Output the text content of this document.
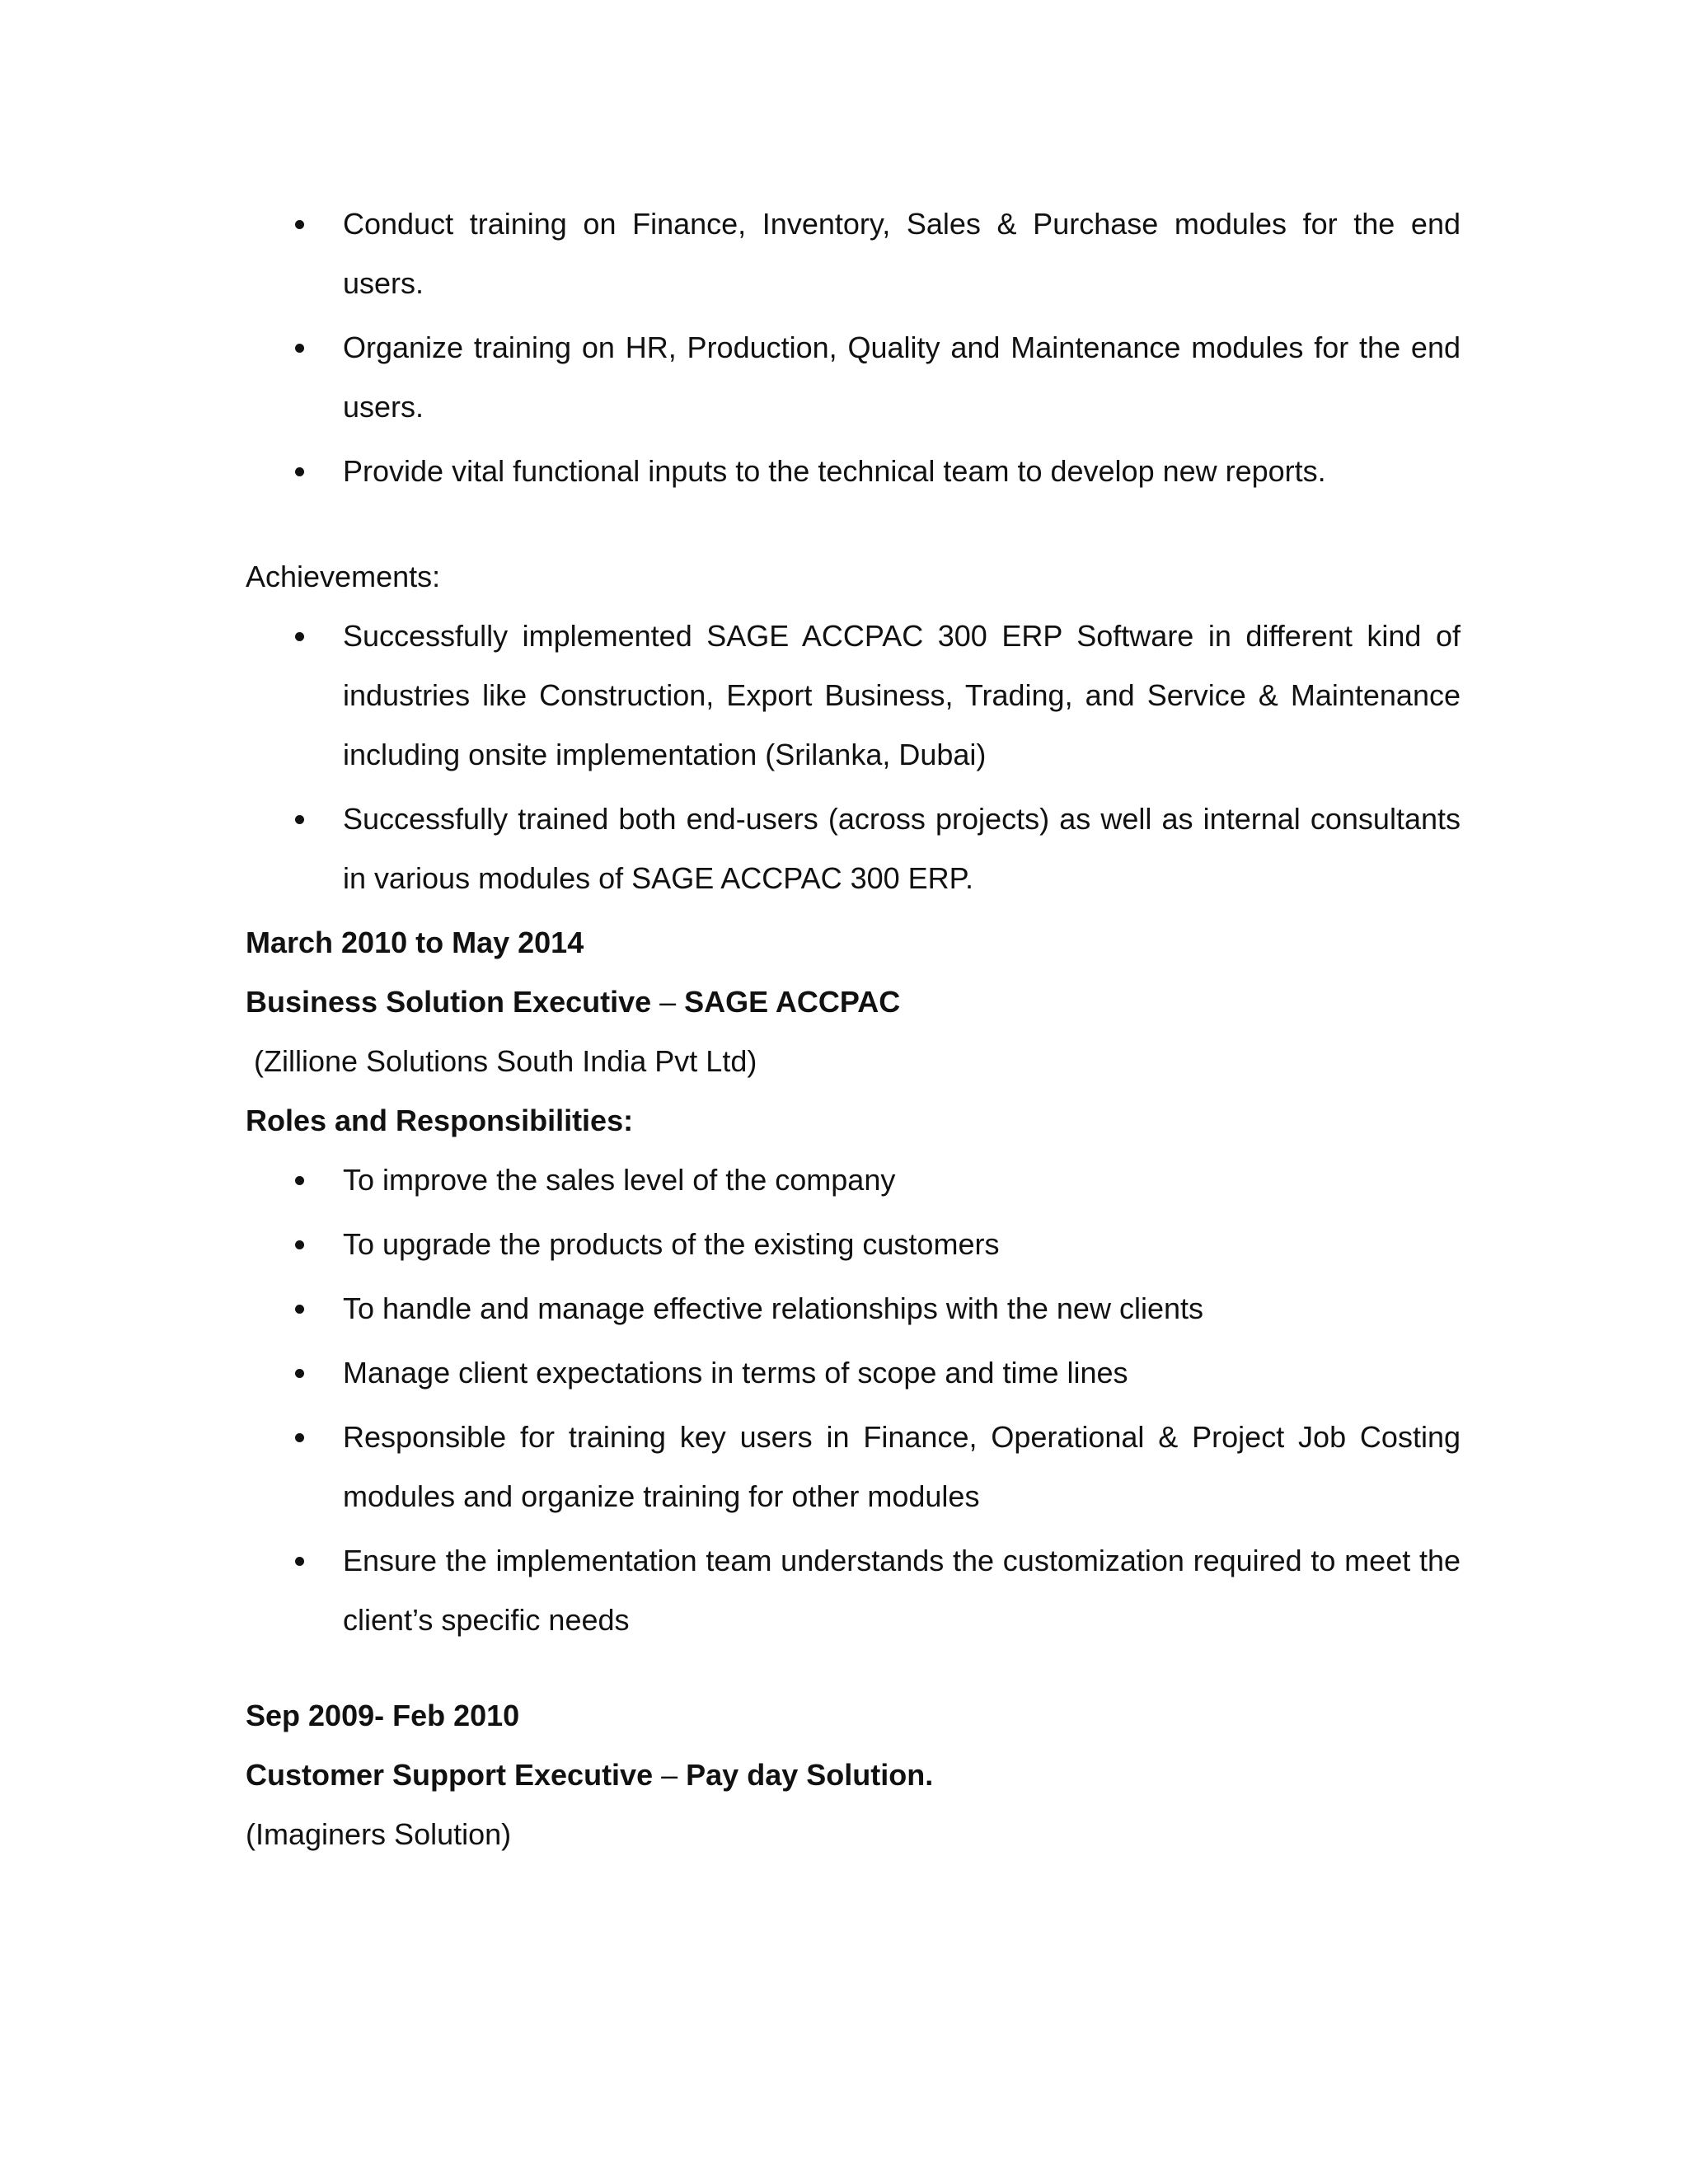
Conduct training on Finance, Inventory, Sales & Purchase modules for the end users.
Organize training on HR, Production, Quality and Maintenance modules for the end users.
Provide vital functional inputs to the technical team to develop new reports.

Achievements:

Successfully implemented SAGE ACCPAC 300 ERP Software in different kind of industries like Construction, Export Business, Trading, and Service & Maintenance including onsite implementation (Srilanka, Dubai)
Successfully trained both end-users (across projects) as well as internal consultants in various modules of SAGE ACCPAC 300 ERP.

March 2010 to May 2014

Business Solution Executive – SAGE ACCPAC

(Zillione Solutions South India Pvt Ltd)

Roles and Responsibilities:

To improve the sales level of the company
To upgrade the products of the existing customers
To handle and manage effective relationships with the new clients
Manage client expectations in terms of scope and time lines
Responsible for training key users in Finance, Operational & Project Job Costing modules and organize training for other modules
Ensure the implementation team understands the customization required to meet the client’s specific needs

Sep 2009- Feb 2010

Customer Support Executive – Pay day Solution.

(Imaginers Solution)
